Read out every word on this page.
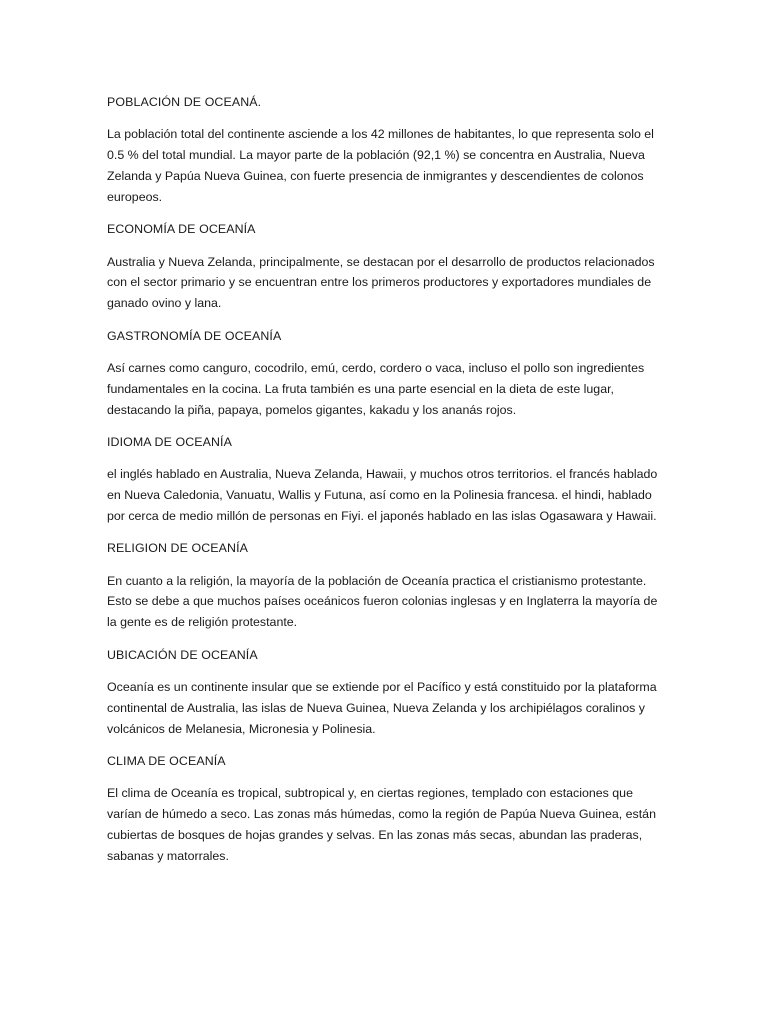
POBLACIÓN DE OCEANÁ.

La población total del continente asciende a los 42 millones de habitantes, lo que representa solo el 0.5 % del total mundial. La mayor parte de la población (92,1 %) se concentra en Australia, Nueva Zelanda y Papúa Nueva Guinea, con fuerte presencia de inmigrantes y descendientes de colonos europeos.

ECONOMÍA DE OCEANÍA

Australia y Nueva Zelanda, principalmente, se destacan por el desarrollo de productos relacionados con el sector primario y se encuentran entre los primeros productores y exportadores mundiales de ganado ovino y lana.

GASTRONOMÍA DE OCEANÍA

Así carnes como canguro, cocodrilo, emú, cerdo, cordero o vaca, incluso el pollo son ingredientes fundamentales en la cocina. La fruta también es una parte esencial en la dieta de este lugar, destacando la piña, papaya, pomelos gigantes, kakadu y los ananás rojos.

IDIOMA DE OCEANÍA

el inglés hablado en Australia, Nueva Zelanda, Hawaii, y muchos otros territorios. el francés hablado en Nueva Caledonia, Vanuatu, Wallis y Futuna, así como en la Polinesia francesa. el hindi, hablado por cerca de medio millón de personas en Fiyi. el japonés hablado en las islas Ogasawara y Hawaii.

RELIGION DE OCEANÍA

En cuanto a la religión, la mayoría de la población de Oceanía practica el cristianismo protestante. Esto se debe a que muchos países oceánicos fueron colonias inglesas y en Inglaterra la mayoría de la gente es de religión protestante.

UBICACIÓN DE OCEANÍA

Oceanía es un continente insular que se extiende por el Pacífico y está constituido por la plataforma continental de Australia, las islas de Nueva Guinea, Nueva Zelanda y los archipiélagos coralinos y volcánicos de Melanesia, Micronesia y Polinesia.

CLIMA DE OCEANÍA

El clima de Oceanía es tropical, subtropical y, en ciertas regiones, templado con estaciones que varían de húmedo a seco. Las zonas más húmedas, como la región de Papúa Nueva Guinea, están cubiertas de bosques de hojas grandes y selvas. En las zonas más secas, abundan las praderas, sabanas y matorrales.
